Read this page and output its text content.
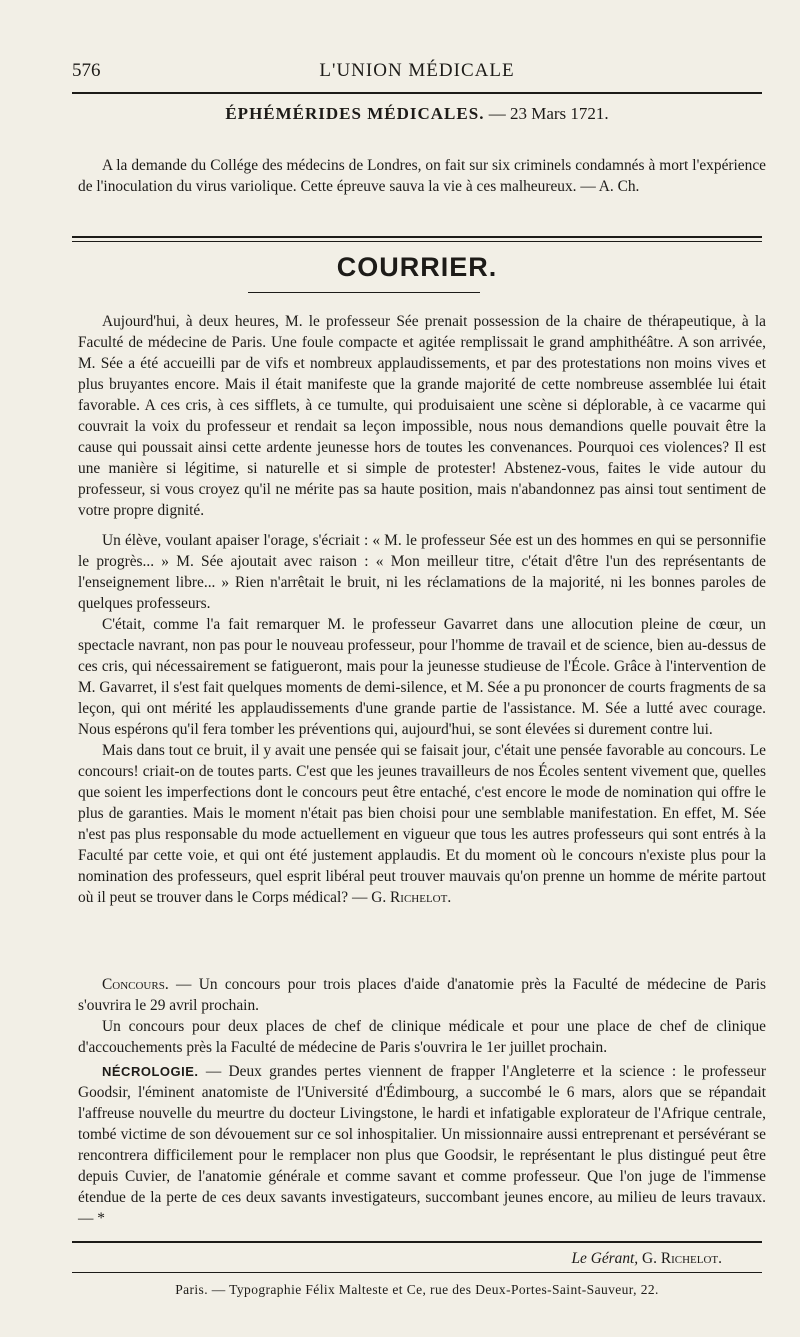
576	L'UNION MÉDICALE
ÉPHÉMÉRIDES MÉDICALES. — 23 Mars 1721.

A la demande du Collége des médecins de Londres, on fait sur six criminels condamnés à mort l'expérience de l'inoculation du virus variolique. Cette épreuve sauva la vie à ces malheureux. — A. Ch.

COURRIER.

Aujourd'hui, à deux heures, M. le professeur Sée prenait possession de la chaire de thérapeutique, à la Faculté de médecine de Paris. Une foule compacte et agitée remplissait le grand amphithéâtre. A son arrivée, M. Sée a été accueilli par de vifs et nombreux applaudissements, et par des protestations non moins vives et plus bruyantes encore. Mais il était manifeste que la grande majorité de cette nombreuse assemblée lui était favorable. A ces cris, à ces sifflets, à ce tumulte, qui produisaient une scène si déplorable, à ce vacarme qui couvrait la voix du professeur et rendait sa leçon impossible, nous nous demandions quelle pouvait être la cause qui poussait ainsi cette ardente jeunesse hors de toutes les convenances. Pourquoi ces violences? Il est une manière si légitime, si naturelle et si simple de protester! Abstenez-vous, faites le vide autour du professeur, si vous croyez qu'il ne mérite pas sa haute position, mais n'abandonnez pas ainsi tout sentiment de votre propre dignité.

Un élève, voulant apaiser l'orage, s'écriait : « M. le professeur Sée est un des hommes en qui se personnifie le progrès... » M. Sée ajoutait avec raison : « Mon meilleur titre, c'était d'être l'un des représentants de l'enseignement libre... » Rien n'arrêtait le bruit, ni les réclamations de la majorité, ni les bonnes paroles de quelques professeurs.

C'était, comme l'a fait remarquer M. le professeur Gavarret dans une allocution pleine de cœur, un spectacle navrant, non pas pour le nouveau professeur, pour l'homme de travail et de science, bien au-dessus de ces cris, qui nécessairement se fatigueront, mais pour la jeunesse studieuse de l'École. Grâce à l'intervention de M. Gavarret, il s'est fait quelques moments de demi-silence, et M. Sée a pu prononcer de courts fragments de sa leçon, qui ont mérité les applaudissements d'une grande partie de l'assistance. M. Sée a lutté avec courage. Nous espérons qu'il fera tomber les préventions qui, aujourd'hui, se sont élevées si durement contre lui.

Mais dans tout ce bruit, il y avait une pensée qui se faisait jour, c'était une pensée favorable au concours. Le concours! criait-on de toutes parts. C'est que les jeunes travailleurs de nos Écoles sentent vivement que, quelles que soient les imperfections dont le concours peut être entaché, c'est encore le mode de nomination qui offre le plus de garanties. Mais le moment n'était pas bien choisi pour une semblable manifestation. En effet, M. Sée n'est pas plus responsable du mode actuellement en vigueur que tous les autres professeurs qui sont entrés à la Faculté par cette voie, et qui ont été justement applaudis. Et du moment où le concours n'existe plus pour la nomination des professeurs, quel esprit libéral peut trouver mauvais qu'on prenne un homme de mérite partout où il peut se trouver dans le Corps médical? — G. Richelot.

Concours. — Un concours pour trois places d'aide d'anatomie près la Faculté de médecine de Paris s'ouvrira le 29 avril prochain.

Un concours pour deux places de chef de clinique médicale et pour une place de chef de clinique d'accouchements près la Faculté de médecine de Paris s'ouvrira le 1er juillet prochain.

NÉCROLOGIE. — Deux grandes pertes viennent de frapper l'Angleterre et la science : le professeur Goodsir, l'éminent anatomiste de l'Université d'Édimbourg, a succombé le 6 mars, alors que se répandait l'affreuse nouvelle du meurtre du docteur Livingstone, le hardi et infatigable explorateur de l'Afrique centrale, tombé victime de son dévouement sur ce sol inhospitalier. Un missionnaire aussi entreprenant et persévérant se rencontrera difficilement pour le remplacer non plus que Goodsir, le représentant le plus distingué peut être depuis Cuvier, de l'anatomie générale et comme savant et comme professeur. Que l'on juge de l'immense étendue de la perte de ces deux savants investigateurs, succombant jeunes encore, au milieu de leurs travaux. — *

Le Gérant, G. Richelot.
Paris. — Typographie Félix Malteste et Ce, rue des Deux-Portes-Saint-Sauveur, 22.
